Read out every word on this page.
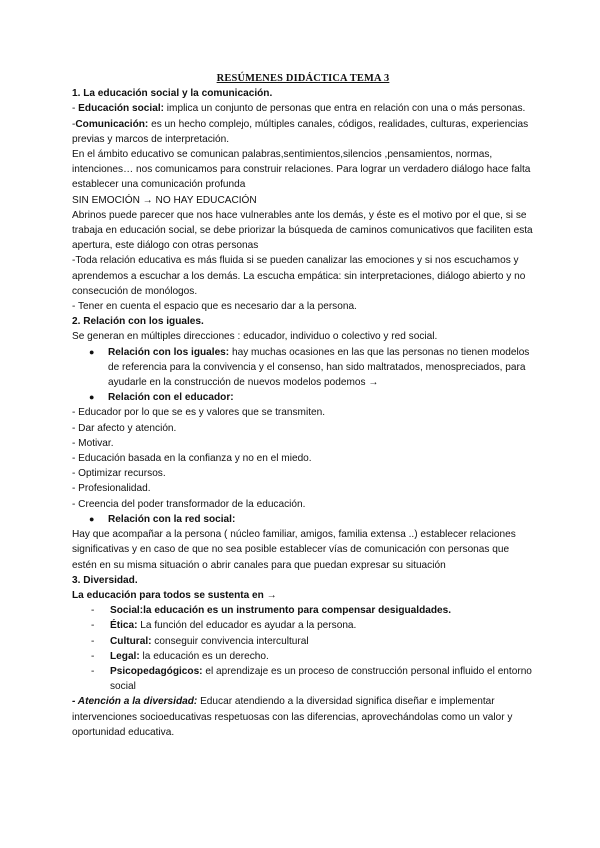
RESÚMENES DIDÁCTICA TEMA 3
1. La educación social y la comunicación.
- Educación social: implica un conjunto de personas que entra en relación con una o más personas.
-Comunicación: es un hecho complejo, múltiples canales, códigos, realidades, culturas, experiencias previas y marcos de interpretación.
En el ámbito educativo se comunican palabras,sentimientos,silencios ,pensamientos, normas, intenciones… nos comunicamos para construir relaciones. Para lograr un verdadero diálogo hace falta establecer una comunicación profunda
SIN EMOCIÓN → NO HAY EDUCACIÓN
Abrinos puede parecer que nos hace vulnerables ante los demás, y éste es el motivo por el que, si se trabaja en educación social, se debe priorizar la búsqueda de caminos comunicativos que faciliten esta apertura, este diálogo con otras personas
-Toda relación educativa es más fluida si se pueden canalizar las emociones y si nos escuchamos y aprendemos a escuchar a los demás. La escucha empática: sin interpretaciones, diálogo abierto y no consecución de monólogos.
- Tener en cuenta el espacio que es necesario dar a la persona.
2. Relación con los iguales.
Se generan en múltiples direcciones : educador, individuo o colectivo y red social.
● Relación con los iguales: hay muchas ocasiones en las que las personas no tienen modelos de referencia para la convivencia y el consenso, han sido maltratados, menospreciados, para ayudarle en la construcción de nuevos modelos podemos →
● Relación con el educador:
- Educador por lo que se es y valores que se transmiten.
- Dar afecto y atención.
- Motivar.
- Educación basada en la confianza y no en el miedo.
- Optimizar recursos.
- Profesionalidad.
- Creencia del poder transformador de la educación.
● Relación con la red social:
Hay que acompañar a la persona ( núcleo familiar, amigos, familia extensa ..) establecer relaciones significativas y en caso de que no sea posible establecer vías de comunicación con personas que estén en su misma situación o abrir canales para que puedan expresar su situación
3. Diversidad.
La educación para todos se sustenta en →
- Social:la educación es un instrumento para compensar desigualdades.
- Ética: La función del educador es ayudar a la persona.
- Cultural: conseguir convivencia intercultural
- Legal: la educación es un derecho.
- Psicopedagógicos: el aprendizaje es un proceso de construcción personal influido el entorno social
- Atención a la diversidad: Educar atendiendo a la diversidad significa diseñar e implementar intervenciones socioeducativas respetuosas con las diferencias, aprovechándolas como un valor y oportunidad educativa.
